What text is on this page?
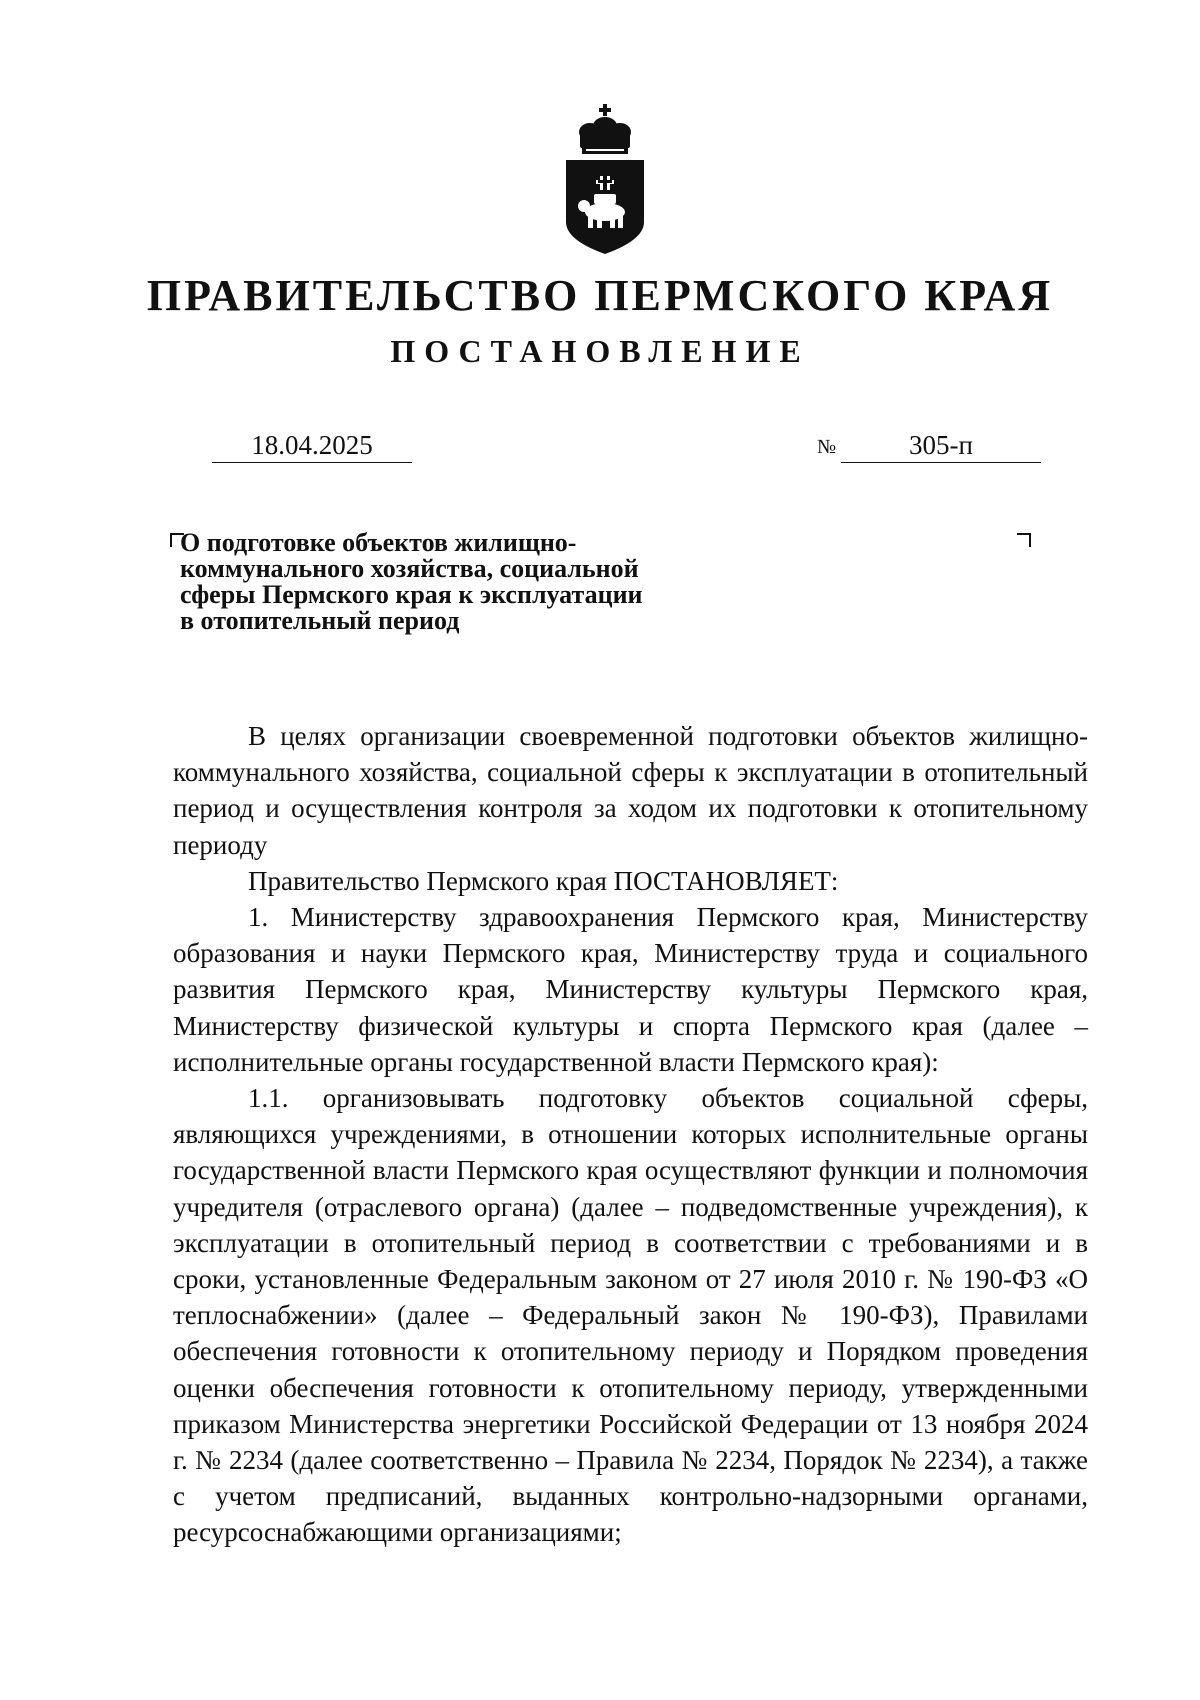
ПРАВИТЕЛЬСТВО ПЕРМСКОГО КРАЯ
ПОСТАНОВЛЕНИЕ
18.04.2025	№	305-п
О подготовке объектов жилищно-
коммунального хозяйства, социальной
сферы Пермского края к эксплуатации
в отопительный период

В целях организации своевременной подготовки объектов жилищно-коммунального хозяйства, социальной сферы к эксплуатации в отопительный период и осуществления контроля за ходом их подготовки к отопительному периоду

Правительство Пермского края ПОСТАНОВЛЯЕТ:

1. Министерству здравоохранения Пермского края, Министерству образования и науки Пермского края, Министерству труда и социального развития Пермского края, Министерству культуры Пермского края, Министерству физической культуры и спорта Пермского края (далее – исполнительные органы государственной власти Пермского края):

1.1. организовывать подготовку объектов социальной сферы, являющихся учреждениями, в отношении которых исполнительные органы государственной власти Пермского края осуществляют функции и полномочия учредителя (отраслевого органа) (далее – подведомственные учреждения), к эксплуатации в отопительный период в соответствии с требованиями и в сроки, установленные Федеральным законом от 27 июля 2010 г. № 190-ФЗ «О теплоснабжении» (далее – Федеральный закон № 190-ФЗ), Правилами обеспечения готовности к отопительному периоду и Порядком проведения оценки обеспечения готовности к отопительному периоду, утвержденными приказом Министерства энергетики Российской Федерации от 13 ноября 2024 г. № 2234 (далее соответственно – Правила № 2234, Порядок № 2234), а также с учетом предписаний, выданных контрольно-надзорными органами, ресурсоснабжающими организациями;
